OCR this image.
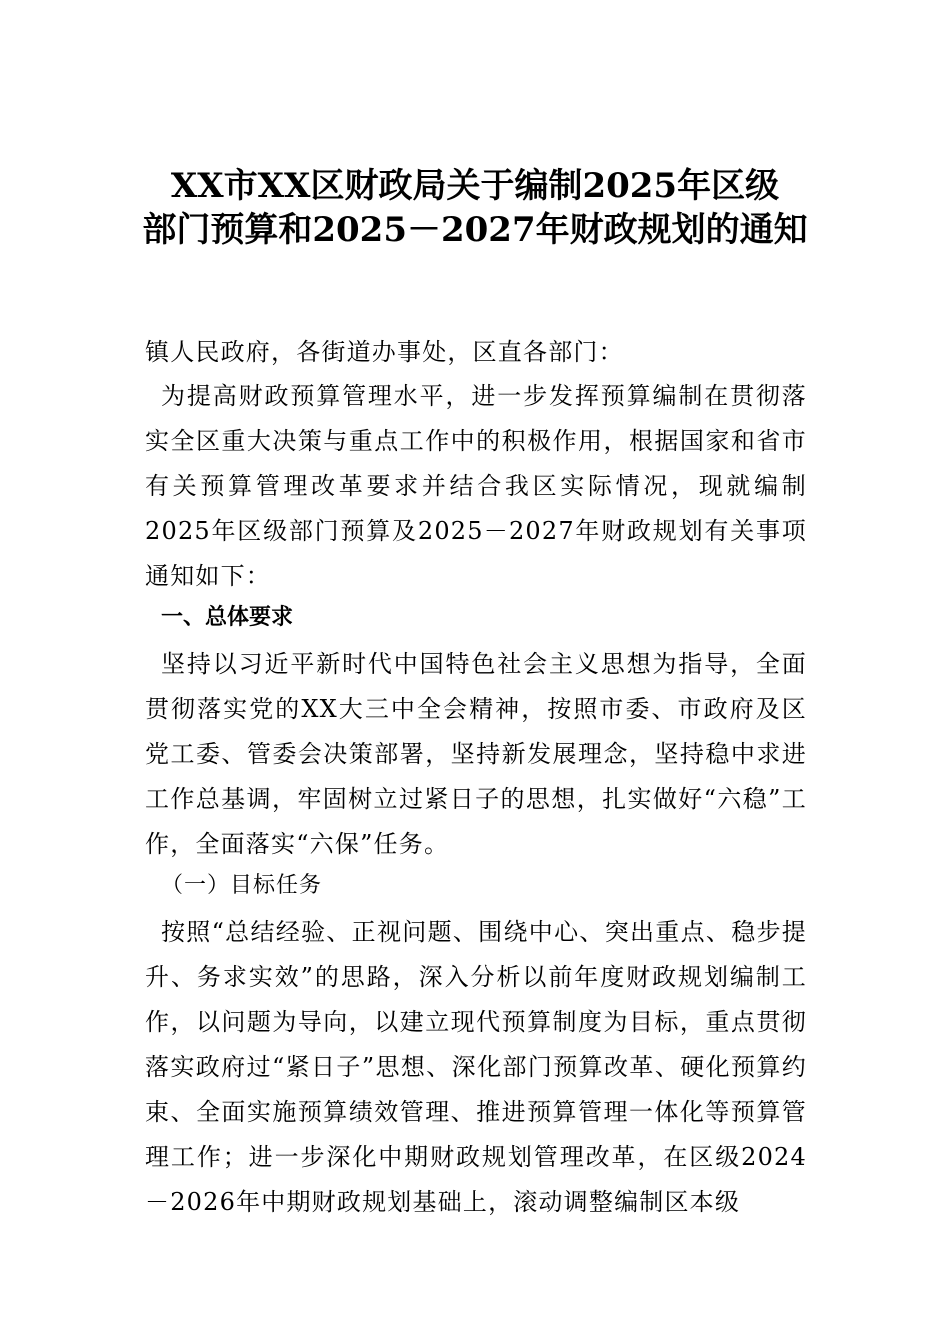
XX市XX区财政局关于编制2025年区级
部门预算和2025－2027年财政规划的通知
镇人民政府，各街道办事处，区直各部门：
为提高财政预算管理水平，进一步发挥预算编制在贯彻落实全区重大决策与重点工作中的积极作用，根据国家和省市有关预算管理改革要求并结合我区实际情况，现就编制2025年区级部门预算及2025－2027年财政规划有关事项通知如下：
一、总体要求
坚持以习近平新时代中国特色社会主义思想为指导，全面贯彻落实党的XX大三中全会精神，按照市委、市政府及区党工委、管委会决策部署，坚持新发展理念，坚持稳中求进工作总基调，牢固树立过紧日子的思想，扎实做好“六稳”工作，全面落实“六保”任务。
（一）目标任务
按照“总结经验、正视问题、围绕中心、突出重点、稳步提升、务求实效”的思路，深入分析以前年度财政规划编制工作，以问题为导向，以建立现代预算制度为目标，重点贯彻落实政府过“紧日子”思想、深化部门预算改革、硬化预算约束、全面实施预算绩效管理、推进预算管理一体化等预算管理工作；进一步深化中期财政规划管理改革，在区级2024－2026年中期财政规划基础上，滚动调整编制区本级
